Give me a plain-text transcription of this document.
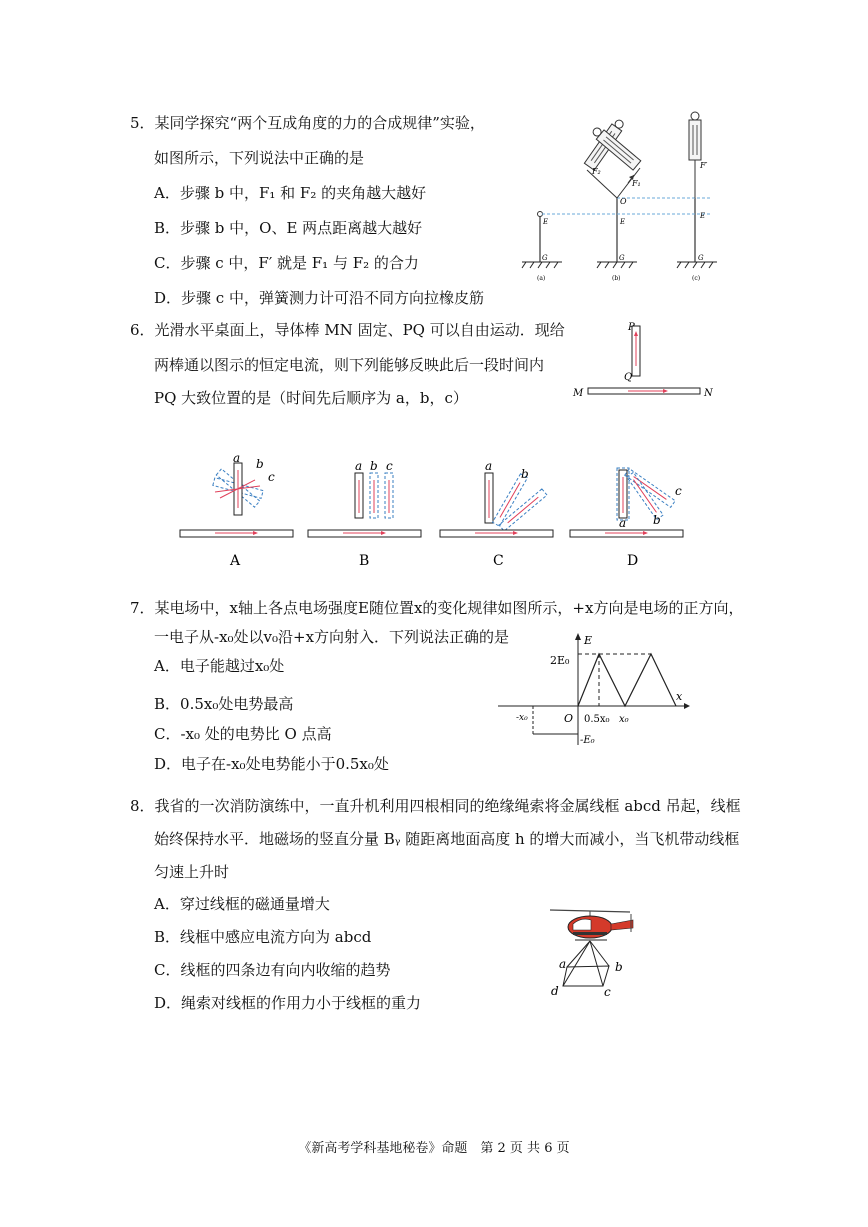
5．某同学探究“两个互成角度的力的合成规律”实验，
如图所示，下列说法中正确的是
A．步骤 b 中，F₁ 和 F₂ 的夹角越大越好
B．步骤 b 中，O、E 两点距离越大越好
C．步骤 c 中，F′ 就是 F₁ 与 F₂ 的合力
D．步骤 c 中，弹簧测力计可沿不同方向拉橡皮筋
F₂
F₁
F′
O
E	E
E
G	G	G
(a)	(b)	(c)
6．光滑水平桌面上，导体棒 MN 固定、PQ 可以自由运动．现给
两棒通以图示的恒定电流，则下列能够反映此后一段时间内
PQ 大致位置的是（时间先后顺序为 a，b，c）
P
Q
M	N
a b
c
A
a b c
B
a
b
C
a b
c
D
7．某电场中，x轴上各点电场强度E随位置x的变化规律如图所示，+x方向是电场的正方向，
一电子从-x₀处以v₀沿+x方向射入．下列说法正确的是
A．电子能越过x₀处
B．0.5x₀处电势最高
C．-x₀ 处的电势比 O 点高
D．电子在-x₀处电势能小于0.5x₀处
E
x
2E₀
O 0.5x₀ x₀
-x₀
-E₀
8．我省的一次消防演练中，一直升机利用四根相同的绝缘绳索将金属线框 abcd 吊起，线框
始终保持水平．地磁场的竖直分量 Bᵧ 随距离地面高度 h 的增大而减小，当飞机带动线框
匀速上升时
A．穿过线框的磁通量增大
B．线框中感应电流方向为 abcd
C．线框的四条边有向内收缩的趋势
D．绳索对线框的作用力小于线框的重力
a	b
c
d
《新高考学科基地秘卷》命题　第 2 页 共 6 页
